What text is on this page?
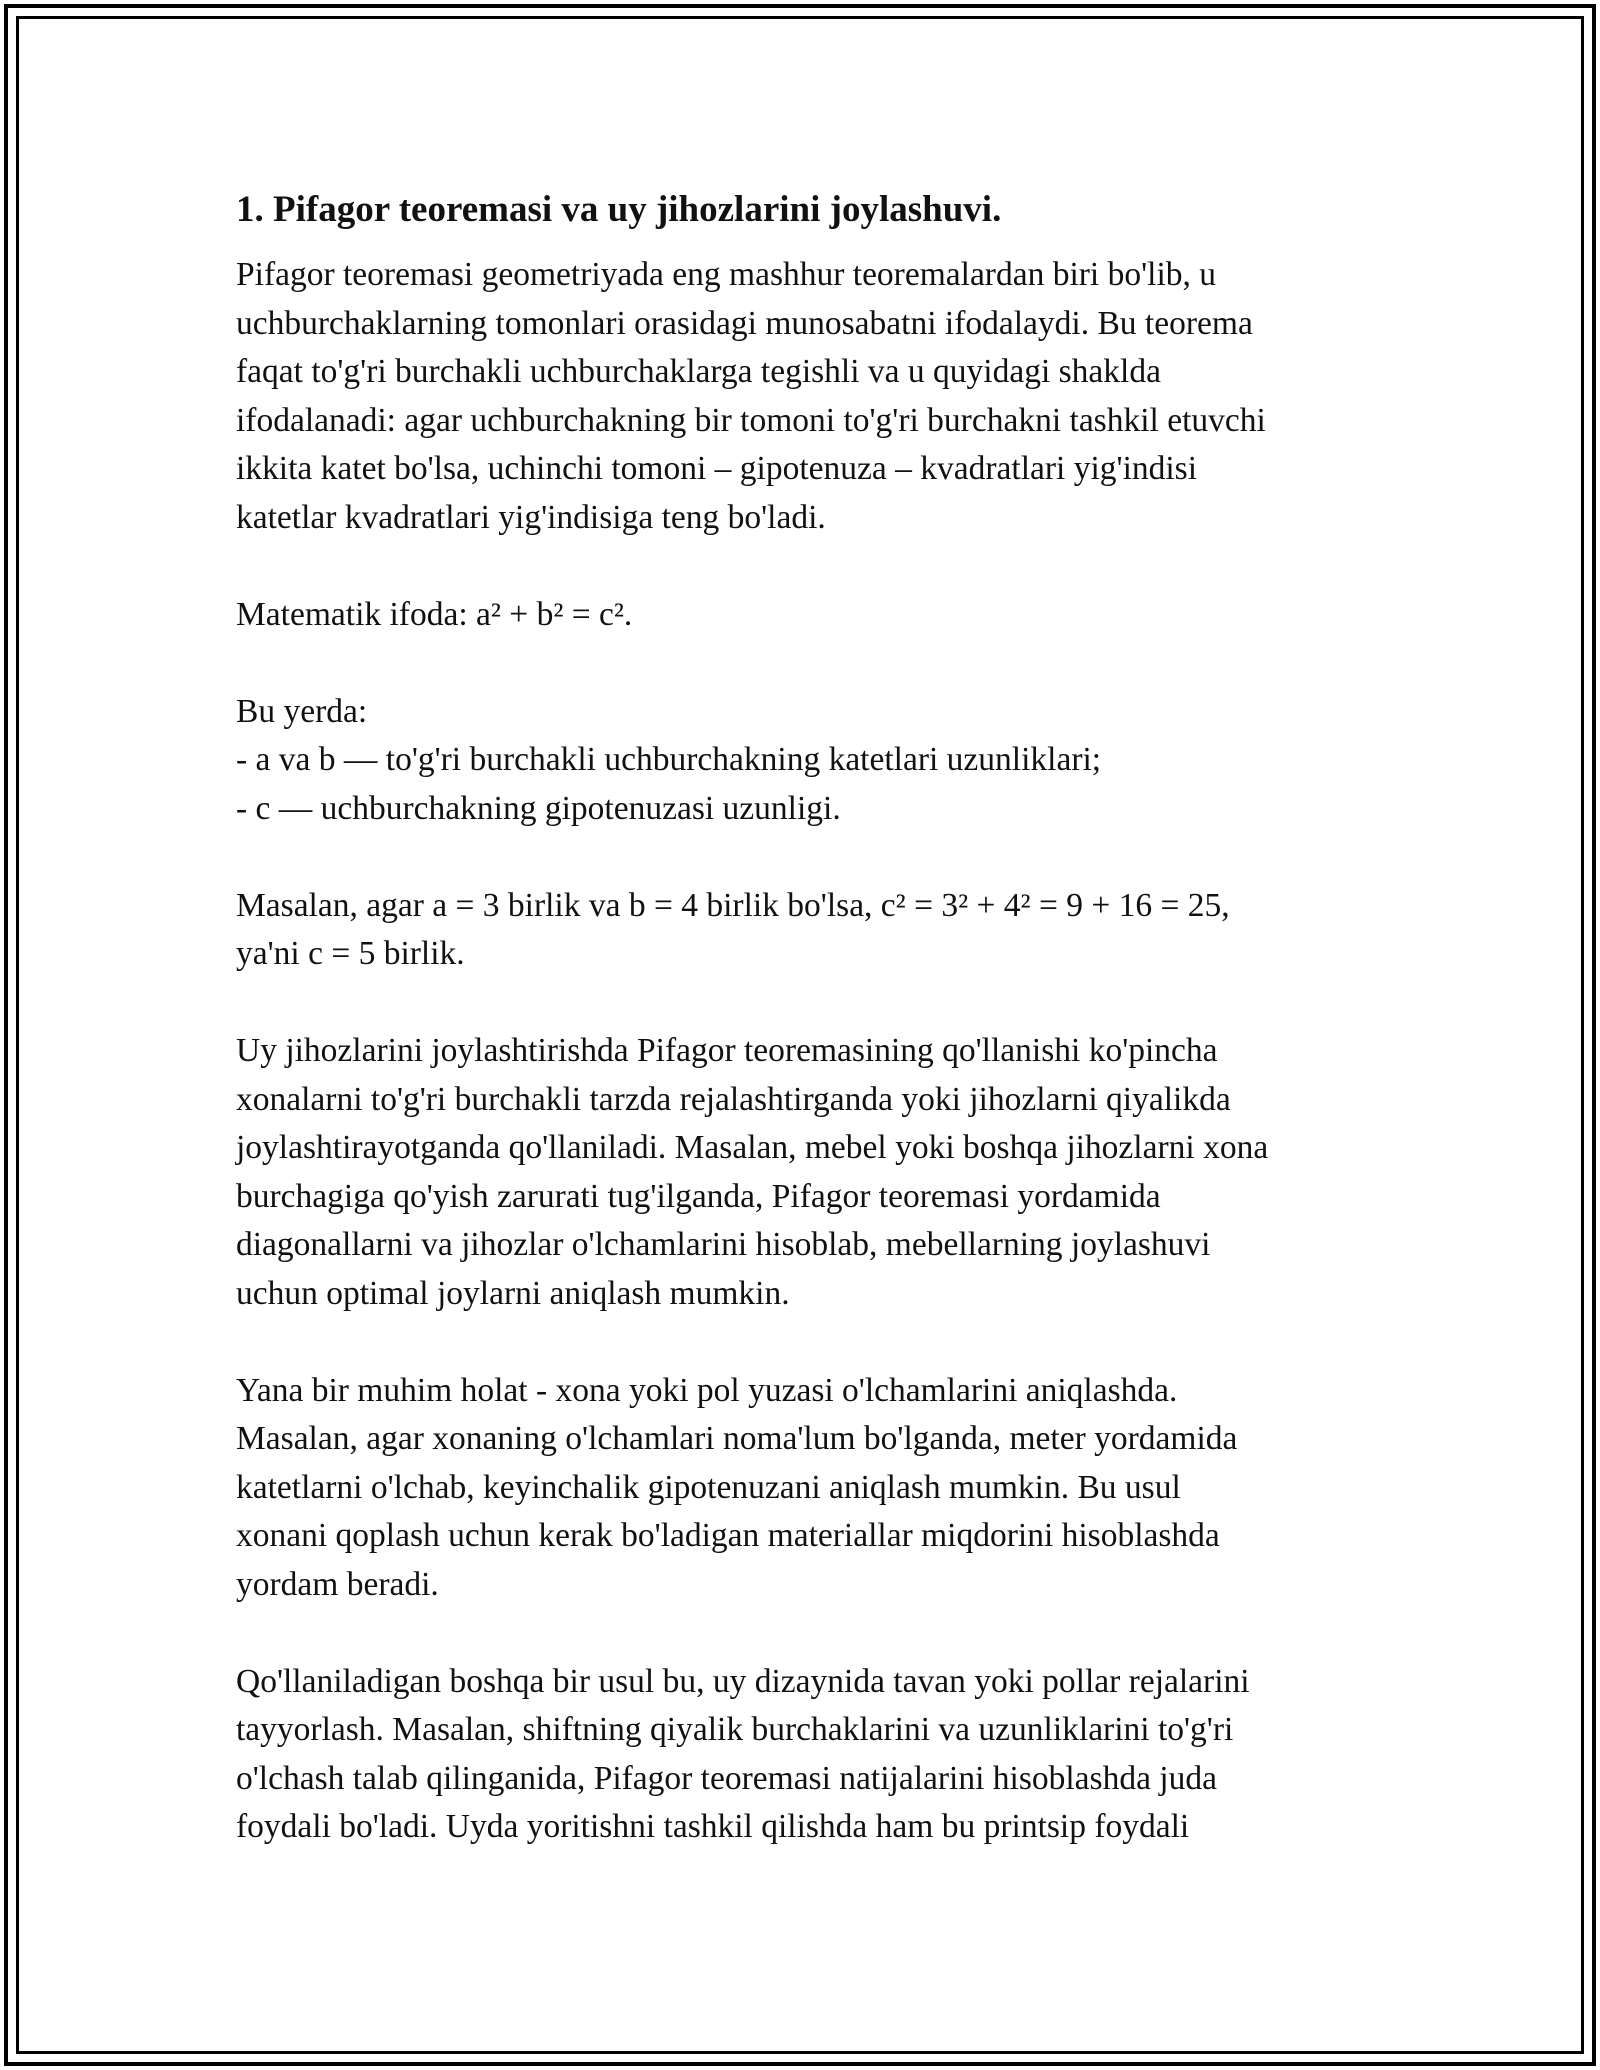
1. Pifagor teoremasi va uy jihozlarini joylashuvi.

Pifagor teoremasi geometriyada eng mashhur teoremalardan biri bo'lib, u
uchburchaklarning tomonlari orasidagi munosabatni ifodalaydi. Bu teorema
faqat to'g'ri burchakli uchburchaklarga tegishli va u quyidagi shaklda
ifodalanadi: agar uchburchakning bir tomoni to'g'ri burchakni tashkil etuvchi
ikkita katet bo'lsa, uchinchi tomoni – gipotenuza – kvadratlari yig'indisi
katetlar kvadratlari yig'indisiga teng bo'ladi.

Matematik ifoda: a² + b² = c².

Bu yerda:
- a va b — to'g'ri burchakli uchburchakning katetlari uzunliklari;
- c — uchburchakning gipotenuzasi uzunligi.

Masalan, agar a = 3 birlik va b = 4 birlik bo'lsa, c² = 3² + 4² = 9 + 16 = 25,
ya'ni c = 5 birlik.

Uy jihozlarini joylashtirishda Pifagor teoremasining qo'llanishi ko'pincha
xonalarni to'g'ri burchakli tarzda rejalashtirganda yoki jihozlarni qiyalikda
joylashtirayotganda qo'llaniladi. Masalan, mebel yoki boshqa jihozlarni xona
burchagiga qo'yish zarurati tug'ilganda, Pifagor teoremasi yordamida
diagonallarni va jihozlar o'lchamlarini hisoblab, mebellarning joylashuvi
uchun optimal joylarni aniqlash mumkin.

Yana bir muhim holat - xona yoki pol yuzasi o'lchamlarini aniqlashda.
Masalan, agar xonaning o'lchamlari noma'lum bo'lganda, meter yordamida
katetlarni o'lchab, keyinchalik gipotenuzani aniqlash mumkin. Bu usul
xonani qoplash uchun kerak bo'ladigan materiallar miqdorini hisoblashda
yordam beradi.

Qo'llaniladigan boshqa bir usul bu, uy dizaynida tavan yoki pollar rejalarini
tayyorlash. Masalan, shiftning qiyalik burchaklarini va uzunliklarini to'g'ri
o'lchash talab qilinganida, Pifagor teoremasi natijalarini hisoblashda juda
foydali bo'ladi. Uyda yoritishni tashkil qilishda ham bu printsip foydali
